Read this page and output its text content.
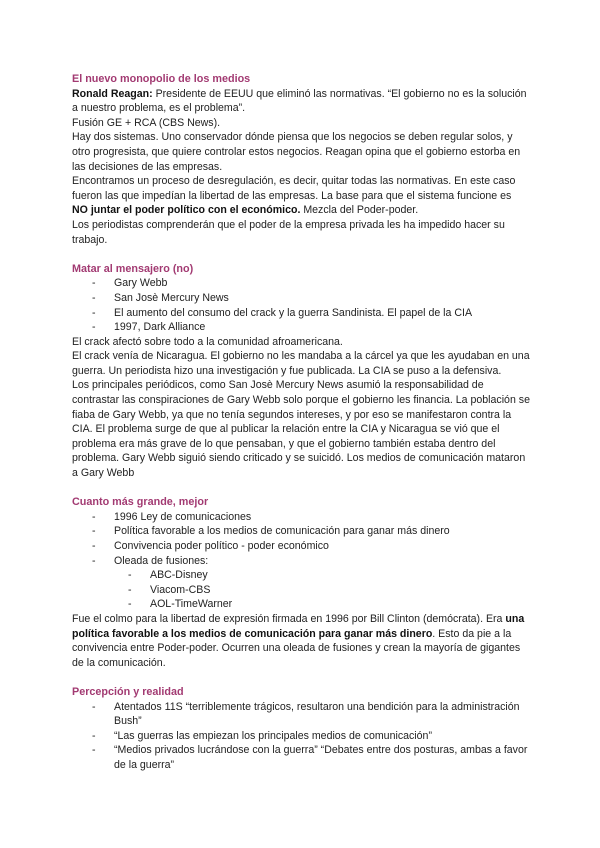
El nuevo monopolio de los medios

Ronald Reagan: Presidente de EEUU que eliminó las normativas. “El gobierno no es la solución a nuestro problema, es el problema”.

Fusión GE + RCA (CBS News).

Hay dos sistemas. Uno conservador dónde piensa que los negocios se deben regular solos, y otro progresista, que quiere controlar estos negocios. Reagan opina que el gobierno estorba en las decisiones de las empresas.

Encontramos un proceso de desregulación, es decir, quitar todas las normativas. En este caso fueron las que impedían la libertad de las empresas. La base para que el sistema funcione es NO juntar el poder político con el económico. Mezcla del Poder-poder.

Los periodistas comprenderán que el poder de la empresa privada les ha impedido hacer su trabajo.

Matar al mensajero (no)

- Gary Webb
- San Josè Mercury News
- El aumento del consumo del crack y la guerra Sandinista. El papel de la CIA
- 1997, Dark Alliance

El crack afectó sobre todo a la comunidad afroamericana.

El crack venía de Nicaragua. El gobierno no les mandaba a la cárcel ya que les ayudaban en una guerra. Un periodista hizo una investigación y fue publicada. La CIA se puso a la defensiva.

Los principales periódicos, como San Josè Mercury News asumió la responsabilidad de contrastar las conspiraciones de Gary Webb solo porque el gobierno les financia. La población se fiaba de Gary Webb, ya que no tenía segundos intereses, y por eso se manifestaron contra la CIA. El problema surge de que al publicar la relación entre la CIA y Nicaragua se vió que el problema era más grave de lo que pensaban, y que el gobierno también estaba dentro del problema. Gary Webb siguió siendo criticado y se suicidó. Los medios de comunicación mataron a Gary Webb

Cuanto más grande, mejor

- 1996 Ley de comunicaciones
- Política favorable a los medios de comunicación para ganar más dinero
- Convivencia poder político - poder económico
- Oleada de fusiones:
- ABC-Disney
- Viacom-CBS
- AOL-TimeWarner

Fue el colmo para la libertad de expresión firmada en 1996 por Bill Clinton (demócrata). Era una política favorable a los medios de comunicación para ganar más dinero. Esto da pie a la convivencia entre Poder-poder. Ocurren una oleada de fusiones y crean la mayoría de gigantes de la comunicación.

Percepción y realidad

- Atentados 11S “terriblemente trágicos, resultaron una bendición para la administración Bush”
- “Las guerras las empiezan los principales medios de comunicación”
- “Medios privados lucrándose con la guerra” “Debates entre dos posturas, ambas a favor de la guerra”
